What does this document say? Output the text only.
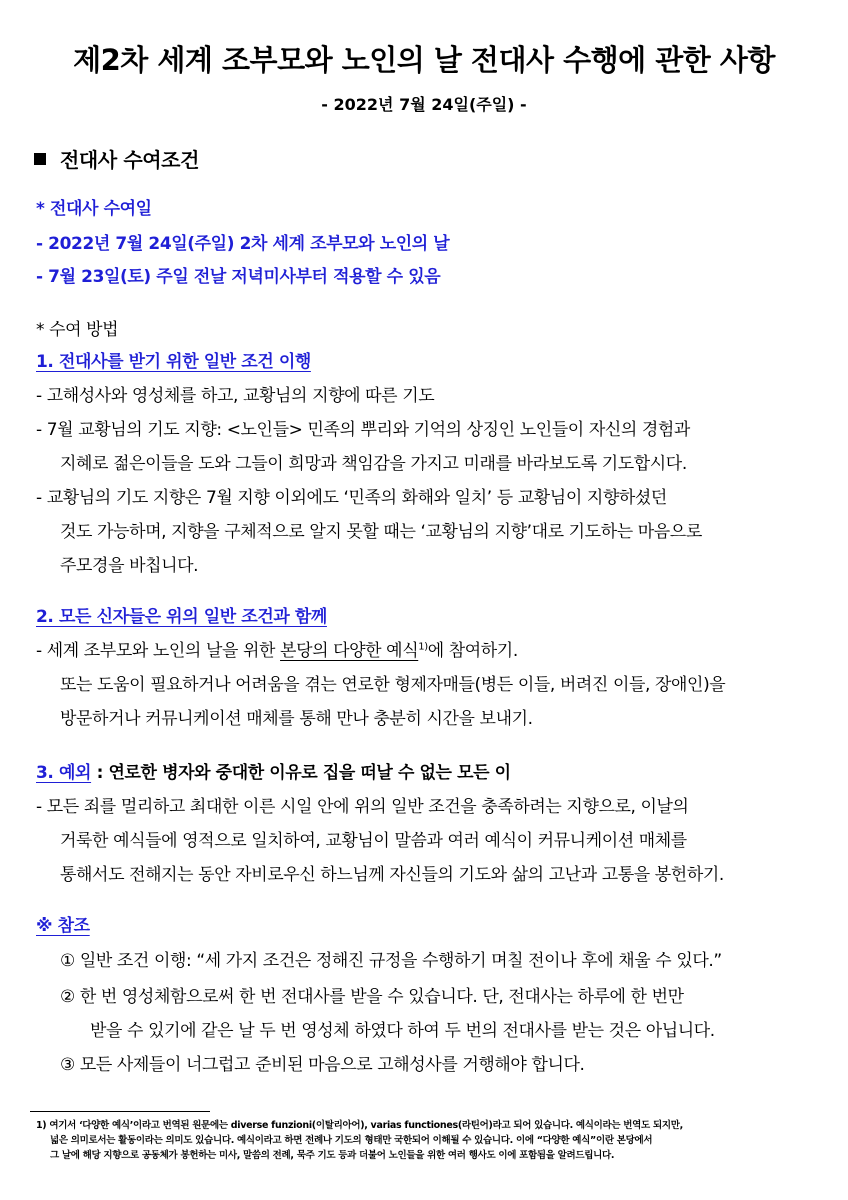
제2차 세계 조부모와 노인의 날 전대사 수행에 관한 사항
- 2022년 7월 24일(주일) -
전대사 수여조건
* 전대사 수여일
- 2022년 7월 24일(주일) 2차 세계 조부모와 노인의 날
- 7월 23일(토) 주일 전날 저녁미사부터 적용할 수 있음
* 수여 방법
1. 전대사를 받기 위한 일반 조건 이행
- 고해성사와 영성체를 하고, 교황님의 지향에 따른 기도
- 7월 교황님의 기도 지향: <노인들> 민족의 뿌리와 기억의 상징인 노인들이 자신의 경험과
지혜로 젊은이들을 도와 그들이 희망과 책임감을 가지고 미래를 바라보도록 기도합시다.
- 교황님의 기도 지향은 7월 지향 이외에도 ‘민족의 화해와 일치’ 등 교황님이 지향하셨던
것도 가능하며, 지향을 구체적으로 알지 못할 때는 ‘교황님의 지향’대로 기도하는 마음으로
주모경을 바칩니다.
2. 모든 신자들은 위의 일반 조건과 함께
- 세계 조부모와 노인의 날을 위한 본당의 다양한 예식$^{1)}$에 참여하기.
또는 도움이 필요하거나 어려움을 겪는 연로한 형제자매들(병든 이들, 버려진 이들, 장애인)을
방문하거나 커뮤니케이션 매체를 통해 만나 충분히 시간을 보내기.
3. 예외 : 연로한 병자와 중대한 이유로 집을 떠날 수 없는 모든 이
- 모든 죄를 멀리하고 최대한 이른 시일 안에 위의 일반 조건을 충족하려는 지향으로, 이날의
거룩한 예식들에 영적으로 일치하여, 교황님이 말씀과 여러 예식이 커뮤니케이션 매체를
통해서도 전해지는 동안 자비로우신 하느님께 자신들의 기도와 삶의 고난과 고통을 봉헌하기.
※ 참조
① 일반 조건 이행: “세 가지 조건은 정해진 규정을 수행하기 며칠 전이나 후에 채울 수 있다.”
② 한 번 영성체함으로써 한 번 전대사를 받을 수 있습니다. 단, 전대사는 하루에 한 번만
받을 수 있기에 같은 날 두 번 영성체 하였다 하여 두 번의 전대사를 받는 것은 아닙니다.
③ 모든 사제들이 너그럽고 준비된 마음으로 고해성사를 거행해야 합니다.
1) 여기서 ‘다양한 예식’이라고 번역된 원문에는 diverse funzioni(이탈리아어), varias functiones(라틴어)라고 되어 있습니다. 예식이라는 번역도 되지만,
넓은 의미로서는 활동이라는 의미도 있습니다. 예식이라고 하면 전례나 기도의 형태만 국한되어 이해될 수 있습니다. 이에 “다양한 예식”이란 본당에서
그 날에 해당 지향으로 공동체가 봉헌하는 미사, 말씀의 전례, 묵주 기도 등과 더불어 노인들을 위한 여러 행사도 이에 포함됨을 알려드립니다.
